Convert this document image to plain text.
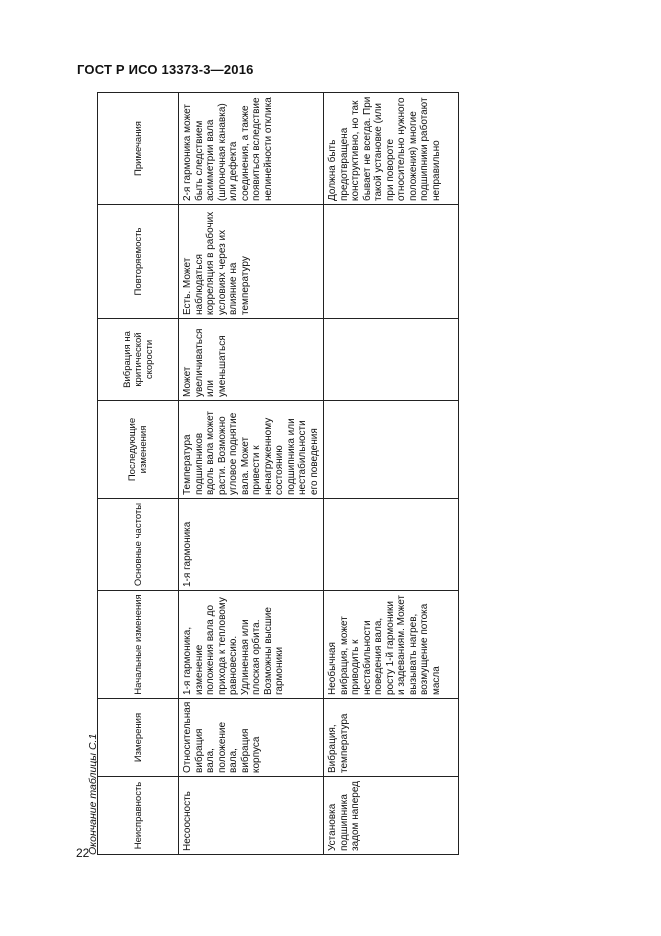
ГОСТ Р ИСО 13373-3—2016
Окончание таблицы С.1	Неисправность	Измерения	Начальные изменения	Основные частоты	Последующие изменения	Вибрация на критической скорости	Повторяемость	Примечания
Несоосность	Относительная вибрация вала, положение вала, вибрация корпуса	1-я гармоника, изменение положения вала до прихода к тепловому равновесию. Удлиненная или плоская орбита. Возможны высшие гармоники	1-я гармоника	Температура подшипников вдоль вала может расти. Возможно угловое поднятие вала. Может привести к ненагруженному состоянию подшипника или нестабильности его поведения	Может увеличиваться или уменьшаться	Есть. Может наблюдаться корреляция в рабочих условиях через их влияние на температуру	2-я гармоника может быть следствием асимметрии вала (шпоночная канавка) или дефекта соединения, а также появиться вследствие нелинейности отклика
Установка подшипника задом наперед	Вибрация, температура	Необычная вибрация, может приводить к нестабильности поведения вала, росту 1-й гармоники и задеваниям. Может вызывать нагрев, возмущение потока масла					Должна быть предотвращена конструктивно, но так бывает не всегда. При такой установке (или при повороте относительно нужного положения) многие подшипники работают неправильно
22
